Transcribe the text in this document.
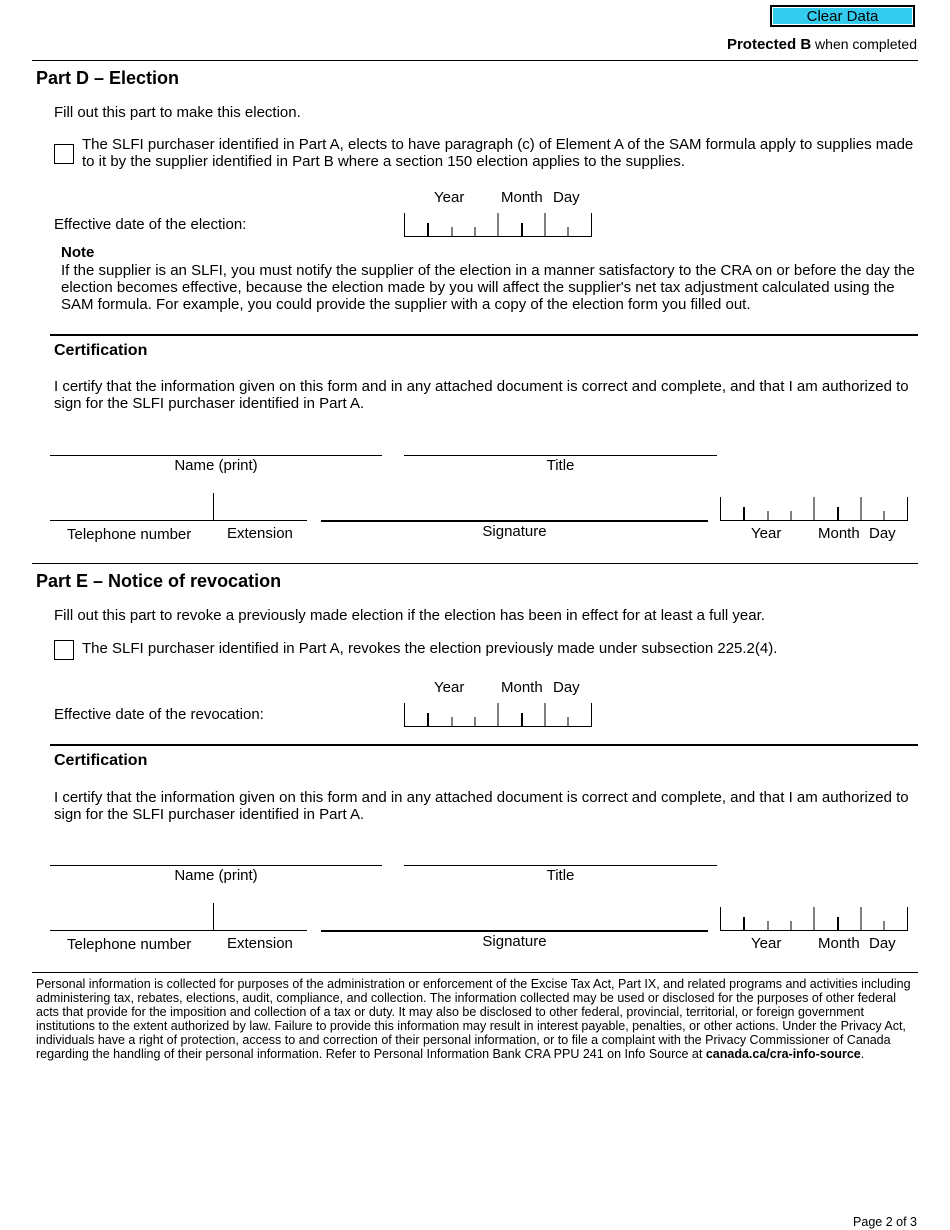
Clear Data
Protected B when completed
Part D – Election
Fill out this part to make this election.
The SLFI purchaser identified in Part A, elects to have paragraph (c) of Element A of the SAM formula apply to supplies made to it by the supplier identified in Part B where a section 150 election applies to the supplies.
Year Month Day
Effective date of the election:
Note
If the supplier is an SLFI, you must notify the supplier of the election in a manner satisfactory to the CRA on or before the day the election becomes effective, because the election made by you will affect the supplier's net tax adjustment calculated using the SAM formula. For example, you could provide the supplier with a copy of the election form you filled out.
Certification
I certify that the information given on this form and in any attached document is correct and complete, and that I am authorized to sign for the SLFI purchaser identified in Part A.
Name (print)	Title
Telephone number Extension	Signature	Year Month Day
Part E – Notice of revocation
Fill out this part to revoke a previously made election if the election has been in effect for at least a full year.
The SLFI purchaser identified in Part A, revokes the election previously made under subsection 225.2(4).
Year Month Day
Effective date of the revocation:
Certification
I certify that the information given on this form and in any attached document is correct and complete, and that I am authorized to sign for the SLFI purchaser identified in Part A.
Name (print)	Title
Telephone number Extension	Signature	Year Month Day
Personal information is collected for purposes of the administration or enforcement of the Excise Tax Act, Part IX, and related programs and activities including administering tax, rebates, elections, audit, compliance, and collection. The information collected may be used or disclosed for the purposes of other federal acts that provide for the imposition and collection of a tax or duty. It may also be disclosed to other federal, provincial, territorial, or foreign government institutions to the extent authorized by law. Failure to provide this information may result in interest payable, penalties, or other actions. Under the Privacy Act, individuals have a right of protection, access to and correction of their personal information, or to file a complaint with the Privacy Commissioner of Canada regarding the handling of their personal information. Refer to Personal Information Bank CRA PPU 241 on Info Source at canada.ca/cra-info-source.
Page 2 of 3
